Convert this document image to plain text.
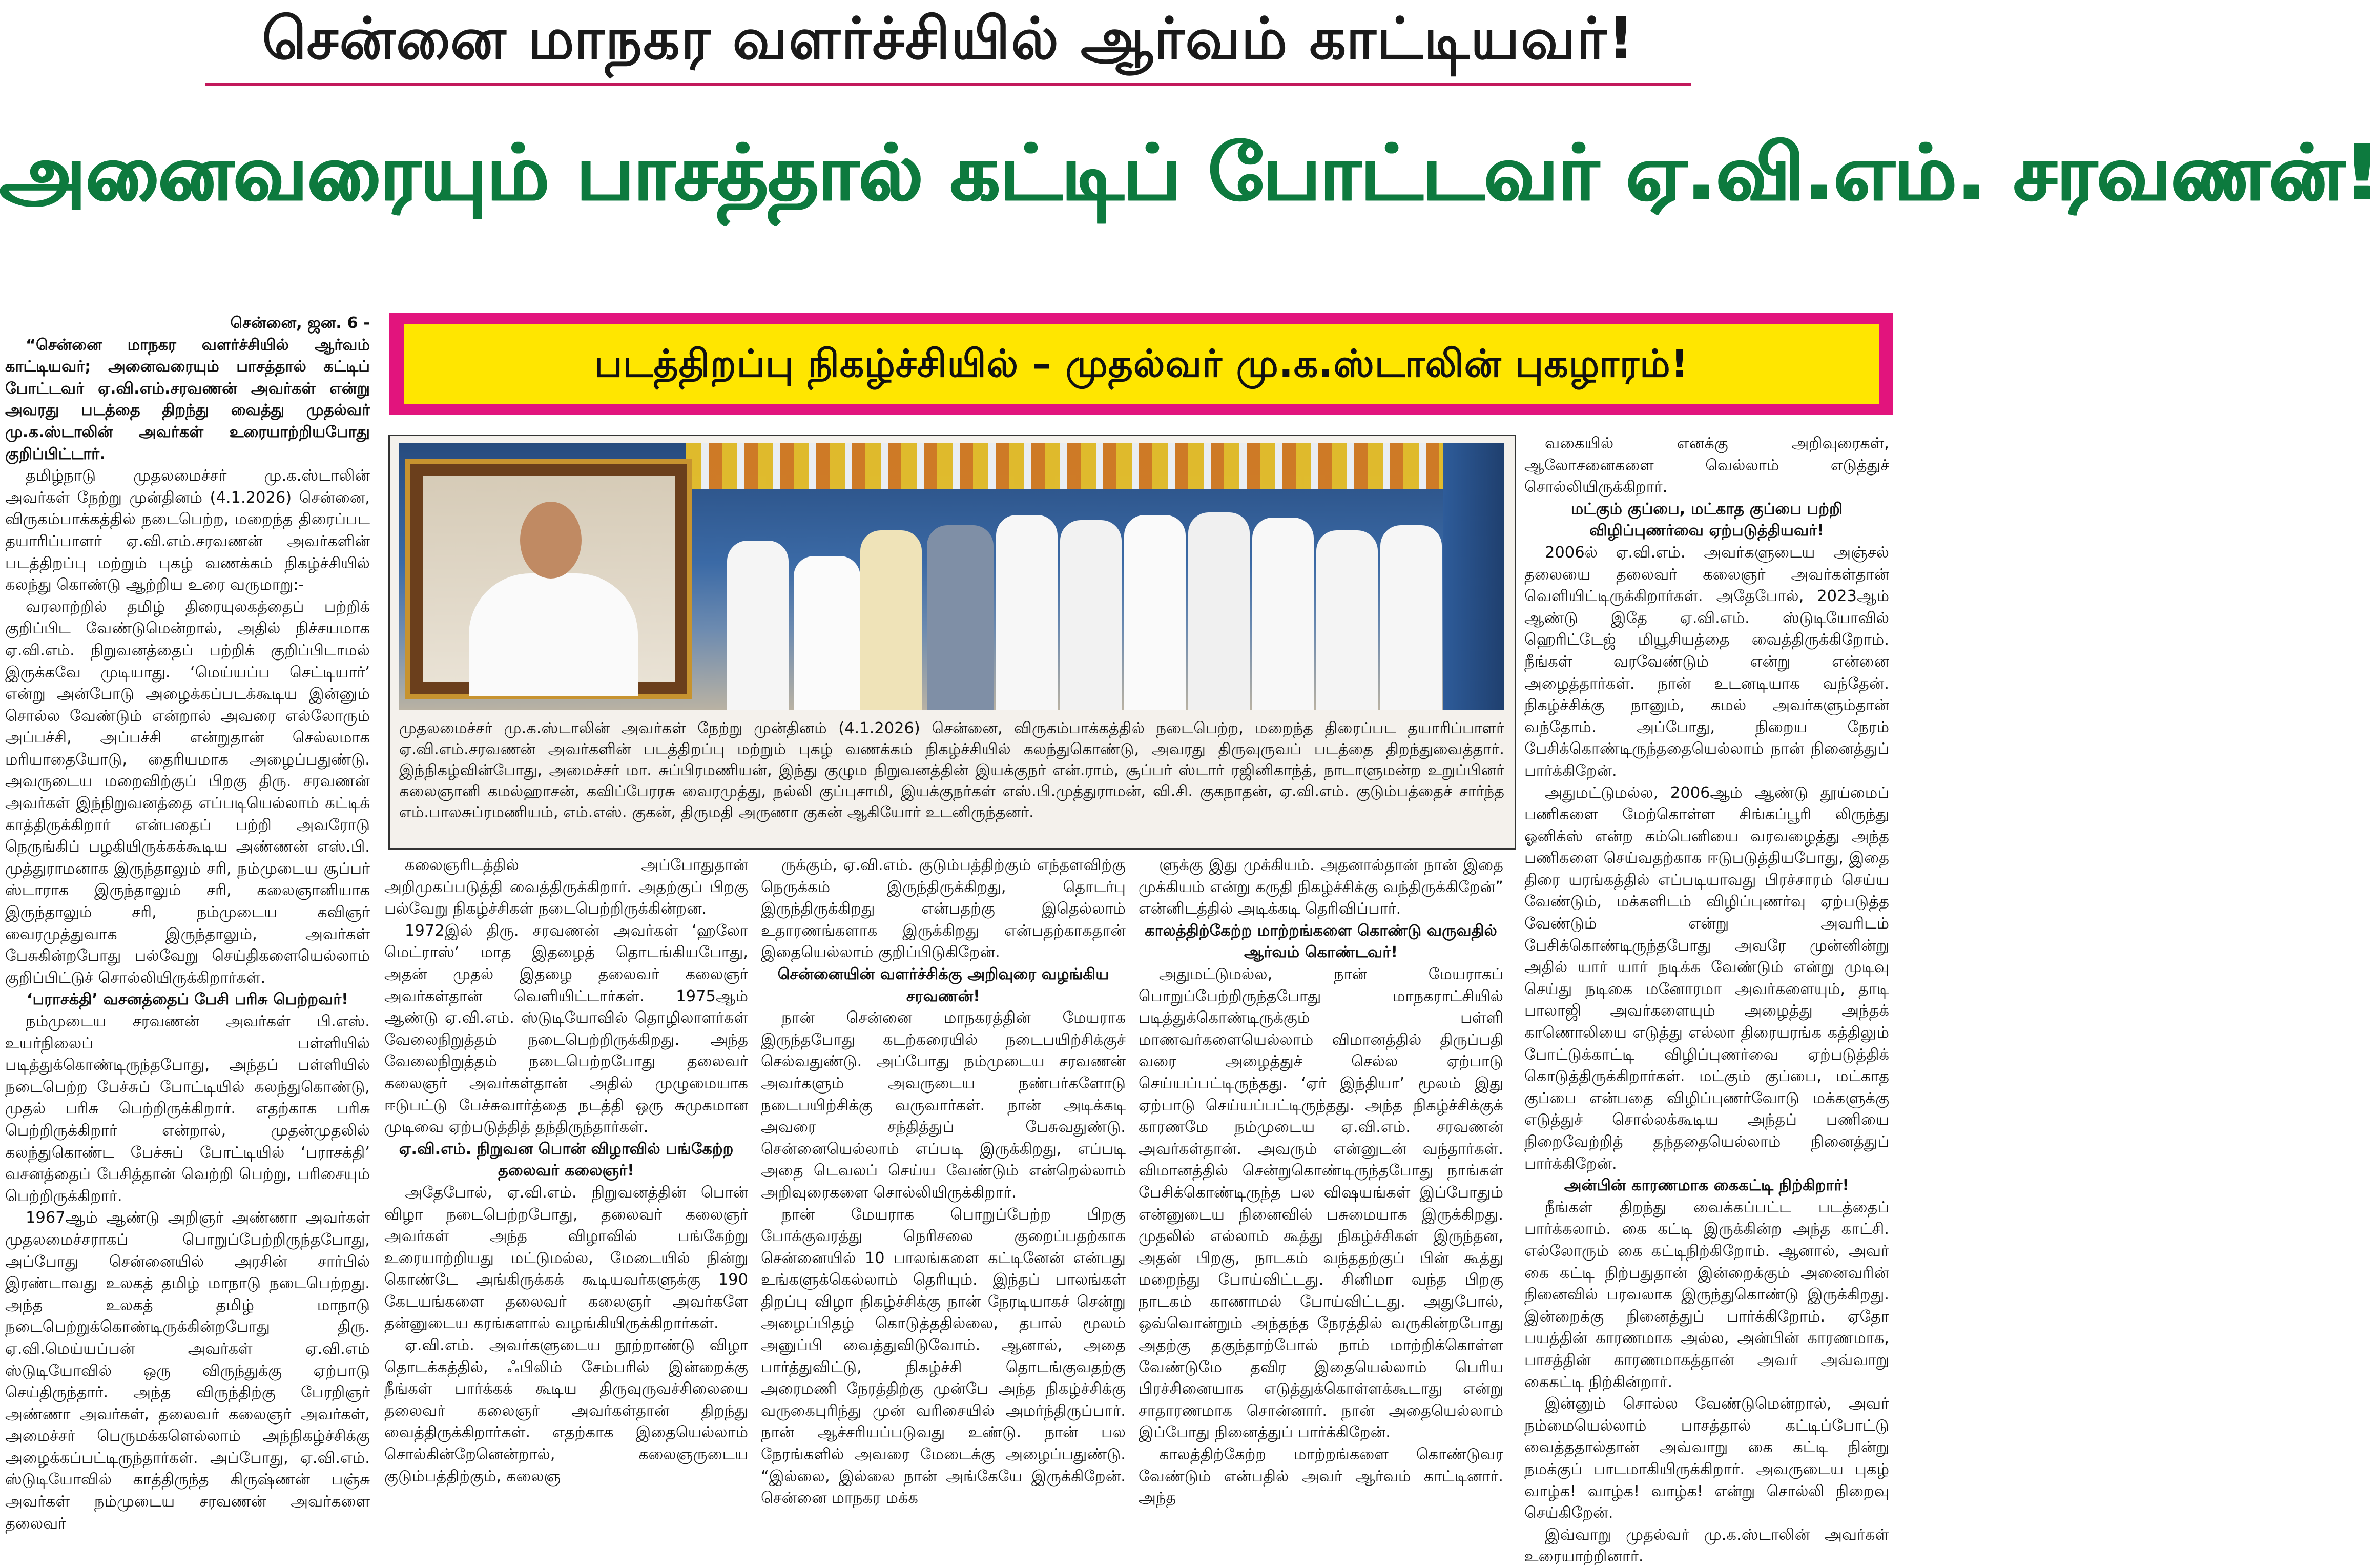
சென்னை மாநகர வளர்ச்சியில் ஆர்வம் காட்டியவர்!
அனைவரையும் பாசத்தால் கட்டிப் போட்டவர் ஏ.வி.எம். சரவணன்!
படத்திறப்பு நிகழ்ச்சியில் – முதல்வர் மு.க.ஸ்டாலின் புகழாரம்!

சென்னை, ஜன. 6 -

“சென்னை மாநகர வளர்ச்சியில் ஆர்வம் காட்டியவர்; அனைவரையும் பாசத்தால் கட்டிப் போட்டவர் ஏ.வி.எம்.சரவணன் அவர்கள் என்று அவரது படத்தை திறந்து வைத்து முதல்வர் மு.க.ஸ்டாலின் அவர்கள் உரையாற்றியபோது குறிப்பிட்டார்.

தமிழ்நாடு முதலமைச்சர் மு.க.ஸ்டாலின் அவர்கள் நேற்று முன்தினம் (4.1.2026) சென்னை, விருகம்பாக்கத்தில் நடைபெற்ற, மறைந்த திரைப்பட தயாரிப்பாளர் ஏ.வி.எம்.சரவணன் அவர்களின் படத்திறப்பு மற்றும் புகழ் வணக்கம் நிகழ்ச்சியில் கலந்து கொண்டு ஆற்றிய உரை வருமாறு:-

வரலாற்றில் தமிழ் திரையுலகத்தைப் பற்றிக் குறிப்பிட வேண்டுமென்றால், அதில் நிச்சயமாக ஏ.வி.எம். நிறுவனத்தைப் பற்றிக் குறிப்பிடாமல் இருக்கவே முடியாது. ‘மெய்யப்ப செட்டியார்’ என்று அன்போடு அழைக்கப்படக்கூடிய இன்னும் சொல்ல வேண்டும் என்றால் அவரை எல்லோரும் அப்பச்சி, அப்பச்சி என்றுதான் செல்லமாக மரியாதையோடு, தைரியமாக அழைப்பதுண்டு. அவருடைய மறைவிற்குப் பிறகு திரு. சரவணன் அவர்கள் இந்நிறுவனத்தை எப்படியெல்லாம் கட்டிக் காத்திருக்கிறார் என்பதைப் பற்றி அவரோடு நெருங்கிப் பழகியிருக்கக்கூடிய அண்ணன் எஸ்.பி. முத்துராமனாக இருந்தாலும் சரி, நம்முடைய சூப்பர் ஸ்டாராக இருந்தாலும் சரி, கலைஞானியாக இருந்தாலும் சரி, நம்முடைய கவிஞர் வைரமுத்துவாக இருந்தாலும், அவர்கள் பேசுகின்றபோது பல்வேறு செய்திகளையெல்லாம் குறிப்பிட்டுச் சொல்லியிருக்கிறார்கள்.

‘பராசக்தி’ வசனத்தைப் பேசி பரிசு பெற்றவர்!

நம்முடைய சரவணன் அவர்கள் பி.எஸ். உயர்நிலைப் பள்ளியில் படித்துக்கொண்டிருந்தபோது, அந்தப் பள்ளியில் நடைபெற்ற பேச்சுப் போட்டியில் கலந்துகொண்டு, முதல் பரிசு பெற்றிருக்கிறார். எதற்காக பரிசு பெற்றிருக்கிறார் என்றால், முதன்முதலில் கலந்துகொண்ட பேச்சுப் போட்டியில் ‘பராசக்தி’ வசனத்தைப் பேசித்தான் வெற்றி பெற்று, பரிசையும் பெற்றிருக்கிறார்.

1967ஆம் ஆண்டு அறிஞர் அண்ணா அவர்கள் முதலமைச்சராகப் பொறுப்பேற்றிருந்தபோது, அப்போது சென்னையில் அரசின் சார்பில் இரண்டாவது உலகத் தமிழ் மாநாடு நடைபெற்றது. அந்த உலகத் தமிழ் மாநாடு நடைபெற்றுக்கொண்டிருக்கின்றபோது திரு. ஏ.வி.மெய்யப்பன் அவர்கள் ஏ.வி.எம் ஸ்டுடியோவில் ஒரு விருந்துக்கு ஏற்பாடு செய்திருந்தார். அந்த விருந்திற்கு பேரறிஞர் அண்ணா அவர்கள், தலைவர் கலைஞர் அவர்கள், அமைச்சர் பெருமக்களெல்லாம் அந்நிகழ்ச்சிக்கு அழைக்கப்பட்டிருந்தார்கள். அப்போது, ஏ.வி.எம். ஸ்டுடியோவில் காத்திருந்த கிருஷ்ணன் பஞ்சு அவர்கள் நம்முடைய சரவணன் அவர்களை தலைவர்

முதலமைச்சர் மு.க.ஸ்டாலின் அவர்கள் நேற்று முன்தினம் (4.1.2026) சென்னை, விருகம்பாக்கத்தில் நடைபெற்ற, மறைந்த திரைப்பட தயாரிப்பாளர் ஏ.வி.எம்.சரவணன் அவர்களின் படத்திறப்பு மற்றும் புகழ் வணக்கம் நிகழ்ச்சியில் கலந்துகொண்டு, அவரது திருவுருவப் படத்தை திறந்துவைத்தார். இந்நிகழ்வின்போது, அமைச்சர் மா. சுப்பிரமணியன், இந்து குழும நிறுவனத்தின் இயக்குநர் என்.ராம், சூப்பர் ஸ்டார் ரஜினிகாந்த், நாடாளுமன்ற உறுப்பினர் கலைஞானி கமல்ஹாசன், கவிப்பேரரசு வைரமுத்து, நல்லி குப்புசாமி, இயக்குநர்கள் எஸ்.பி.முத்துராமன், வி.சி. குகநாதன், ஏ.வி.எம். குடும்பத்தைச் சார்ந்த எம்.பாலசுப்ரமணியம், எம்.எஸ். குகன், திருமதி அருணா குகன் ஆகியோர் உடனிருந்தனர்.

கலைஞரிடத்தில் அப்போதுதான் அறிமுகப்படுத்தி வைத்திருக்கிறார். அதற்குப் பிறகு பல்வேறு நிகழ்ச்சிகள் நடைபெற்றிருக்கின்றன.

1972இல் திரு. சரவணன் அவர்கள் ‘ஹலோ மெட்ராஸ்’ மாத இதழைத் தொடங்கியபோது, அதன் முதல் இதழை தலைவர் கலைஞர் அவர்கள்தான் வெளியிட்டார்கள். 1975ஆம் ஆண்டு ஏ.வி.எம். ஸ்டுடியோவில் தொழிலாளர்கள் வேலைநிறுத்தம் நடைபெற்றிருக்கிறது. அந்த வேலைநிறுத்தம் நடைபெற்றபோது தலைவர் கலைஞர் அவர்கள்தான் அதில் முழுமையாக ஈடுபட்டு பேச்சுவார்த்தை நடத்தி ஒரு சுமுகமான முடிவை ஏற்படுத்தித் தந்திருந்தார்கள்.

ஏ.வி.எம். நிறுவன பொன் விழாவில் பங்கேற்ற தலைவர் கலைஞர்!

அதேபோல், ஏ.வி.எம். நிறுவனத்தின் பொன் விழா நடைபெற்றபோது, தலைவர் கலைஞர் அவர்கள் அந்த விழாவில் பங்கேற்று உரையாற்றியது மட்டுமல்ல, மேடையில் நின்று கொண்டே அங்கிருக்கக் கூடியவர்களுக்கு 190 கேடயங்களை தலைவர் கலைஞர் அவர்களே தன்னுடைய கரங்களால் வழங்கியிருக்கிறார்கள்.

ஏ.வி.எம். அவர்களுடைய நூற்றாண்டு விழா தொடக்கத்தில், ஃபிலிம் சேம்பரில் இன்றைக்கு நீங்கள் பார்க்கக் கூடிய திருவுருவச்சிலையை தலைவர் கலைஞர் அவர்கள்தான் திறந்து வைத்திருக்கிறார்கள். எதற்காக இதையெல்லாம் சொல்கின்றேனென்றால், கலைஞருடைய குடும்பத்திற்கும், கலைஞ

ருக்கும், ஏ.வி.எம். குடும்பத்திற்கும் எந்தளவிற்கு நெருக்கம் இருந்திருக்கிறது, தொடர்பு இருந்திருக்கிறது என்பதற்கு இதெல்லாம் உதாரணங்களாக இருக்கிறது என்பதற்காகதான் இதையெல்லாம் குறிப்பிடுகிறேன்.

சென்னையின் வளர்ச்சிக்கு அறிவுரை வழங்கிய சரவணன்!

நான் சென்னை மாநகரத்தின் மேயராக இருந்தபோது கடற்கரையில் நடைபயிற்சிக்குச் செல்வதுண்டு. அப்போது நம்முடைய சரவணன் அவர்களும் அவருடைய நண்பர்களோடு நடைபயிற்சிக்கு வருவார்கள். நான் அடிக்கடி அவரை சந்தித்துப் பேசுவதுண்டு. சென்னையெல்லாம் எப்படி இருக்கிறது, எப்படி அதை டெவலப் செய்ய வேண்டும் என்றெல்லாம் அறிவுரைகளை சொல்லியிருக்கிறார்.

நான் மேயராக பொறுப்பேற்ற பிறகு போக்குவரத்து நெரிசலை குறைப்பதற்காக சென்னையில் 10 பாலங்களை கட்டினேன் என்பது உங்களுக்கெல்லாம் தெரியும். இந்தப் பாலங்கள் திறப்பு விழா நிகழ்ச்சிக்கு நான் நேரடியாகச் சென்று அழைப்பிதழ் கொடுத்ததில்லை, தபால் மூலம் அனுப்பி வைத்துவிடுவோம். ஆனால், அதை பார்த்துவிட்டு, நிகழ்ச்சி தொடங்குவதற்கு அரைமணி நேரத்திற்கு முன்பே அந்த நிகழ்ச்சிக்கு வருகைபுரிந்து முன் வரிசையில் அமர்ந்திருப்பார். நான் ஆச்சரியப்படுவது உண்டு. நான் பல நேரங்களில் அவரை மேடைக்கு அழைப்பதுண்டு. “இல்லை, இல்லை நான் அங்கேயே இருக்கிறேன். சென்னை மாநகர மக்க

ளுக்கு இது முக்கியம். அதனால்தான் நான் இதை முக்கியம் என்று கருதி நிகழ்ச்சிக்கு வந்திருக்கிறேன்” என்னிடத்தில் அடிக்கடி தெரிவிப்பார்.

காலத்திற்கேற்ற மாற்றங்களை கொண்டு வருவதில் ஆர்வம் கொண்டவர்!

அதுமட்டுமல்ல, நான் மேயராகப் பொறுப்பேற்றிருந்தபோது மாநகராட்சியில் படித்துக்கொண்டிருக்கும் பள்ளி மாணவர்களையெல்லாம் விமானத்தில் திருப்பதி வரை அழைத்துச் செல்ல ஏற்பாடு செய்யப்பட்டிருந்தது. ‘ஏர் இந்தியா’ மூலம் இது ஏற்பாடு செய்யப்பட்டிருந்தது. அந்த நிகழ்ச்சிக்குக் காரணமே நம்முடைய ஏ.வி.எம். சரவணன் அவர்கள்தான். அவரும் என்னுடன் வந்தார்கள். விமானத்தில் சென்றுகொண்டிருந்தபோது நாங்கள் பேசிக்கொண்டிருந்த பல விஷயங்கள் இப்போதும் என்னுடைய நினைவில் பசுமையாக இருக்கிறது. முதலில் எல்லாம் கூத்து நிகழ்ச்சிகள் இருந்தன, அதன் பிறகு, நாடகம் வந்ததற்குப் பின் கூத்து மறைந்து போய்விட்டது. சினிமா வந்த பிறகு நாடகம் காணாமல் போய்விட்டது. அதுபோல், ஒவ்வொன்றும் அந்தந்த நேரத்தில் வருகின்றபோது அதற்கு தகுந்தாற்போல் நாம் மாற்றிக்கொள்ள வேண்டுமே தவிர இதையெல்லாம் பெரிய பிரச்சினையாக எடுத்துக்கொள்ளக்கூடாது என்று சாதாரணமாக சொன்னார். நான் அதையெல்லாம் இப்போது நினைத்துப் பார்க்கிறேன்.

காலத்திற்கேற்ற மாற்றங்களை கொண்டுவர வேண்டும் என்பதில் அவர் ஆர்வம் காட்டினார். அந்த

வகையில் எனக்கு அறிவுரைகள், ஆலோசனைகளை வெல்லாம் எடுத்துச் சொல்லியிருக்கிறார்.

மட்கும் குப்பை, மட்காத குப்பை பற்றி விழிப்புணர்வை ஏற்படுத்தியவர்!

2006ல் ஏ.வி.எம். அவர்களுடைய அஞ்சல் தலையை தலைவர் கலைஞர் அவர்கள்தான் வெளியிட்டிருக்கிறார்கள். அதேபோல், 2023ஆம் ஆண்டு இதே ஏ.வி.எம். ஸ்டுடியோவில் ஹெரிட்டேஜ் மியூசியத்தை வைத்திருக்கிறோம். நீங்கள் வரவேண்டும் என்று என்னை அழைத்தார்கள். நான் உடனடியாக வந்தேன். நிகழ்ச்சிக்கு நானும், கமல் அவர்களும்தான் வந்தோம். அப்போது, நிறைய நேரம் பேசிக்கொண்டிருந்ததையெல்லாம் நான் நினைத்துப் பார்க்கிறேன்.

அதுமட்டுமல்ல, 2006ஆம் ஆண்டு தூய்மைப் பணிகளை மேற்கொள்ள சிங்கப்பூரி லிருந்து ஓனிக்ஸ் என்ற கம்பெனியை வரவழைத்து அந்த பணிகளை செய்வதற்காக ஈடுபடுத்தியபோது, இதை திரை யரங்கத்தில் எப்படியாவது பிரச்சாரம் செய்ய வேண்டும், மக்களிடம் விழிப்புணர்வு ஏற்படுத்த வேண்டும் என்று அவரிடம் பேசிக்கொண்டிருந்தபோது அவரே முன்னின்று அதில் யார் யார் நடிக்க வேண்டும் என்று முடிவு செய்து நடிகை மனோரமா அவர்களையும், தாடி பாலாஜி அவர்களையும் அழைத்து அந்தக் காணொலியை எடுத்து எல்லா திரையரங்க கத்திலும் போட்டுக்காட்டி விழிப்புணர்வை ஏற்படுத்திக் கொடுத்திருக்கிறார்கள். மட்கும் குப்பை, மட்காத குப்பை என்பதை விழிப்புணர்வோடு மக்களுக்கு எடுத்துச் சொல்லக்கூடிய அந்தப் பணியை நிறைவேற்றித் தந்ததையெல்லாம் நினைத்துப் பார்க்கிறேன்.

அன்பின் காரணமாக கைகட்டி நிற்கிறார்!

நீங்கள் திறந்து வைக்கப்பட்ட படத்தைப் பார்க்கலாம். கை கட்டி இருக்கின்ற அந்த காட்சி. எல்லோரும் கை கட்டிநிற்கிறோம். ஆனால், அவர் கை கட்டி நிற்பதுதான் இன்றைக்கும் அனைவரின் நினைவில் பரவலாக இருந்துகொண்டு இருக்கிறது. இன்றைக்கு நினைத்துப் பார்க்கிறோம். ஏதோ பயத்தின் காரணமாக அல்ல, அன்பின் காரணமாக, பாசத்தின் காரணமாகத்தான் அவர் அவ்வாறு கைகட்டி நிற்கின்றார்.

இன்னும் சொல்ல வேண்டுமென்றால், அவர் நம்மையெல்லாம் பாசத்தால் கட்டிப்போட்டு வைத்ததால்தான் அவ்வாறு கை கட்டி நின்று நமக்குப் பாடமாகியிருக்கிறார். அவருடைய புகழ் வாழ்க! வாழ்க! வாழ்க! என்று சொல்லி நிறைவு செய்கிறேன்.

இவ்வாறு முதல்வர் மு.க.ஸ்டாலின் அவர்கள் உரையாற்றினார்.
